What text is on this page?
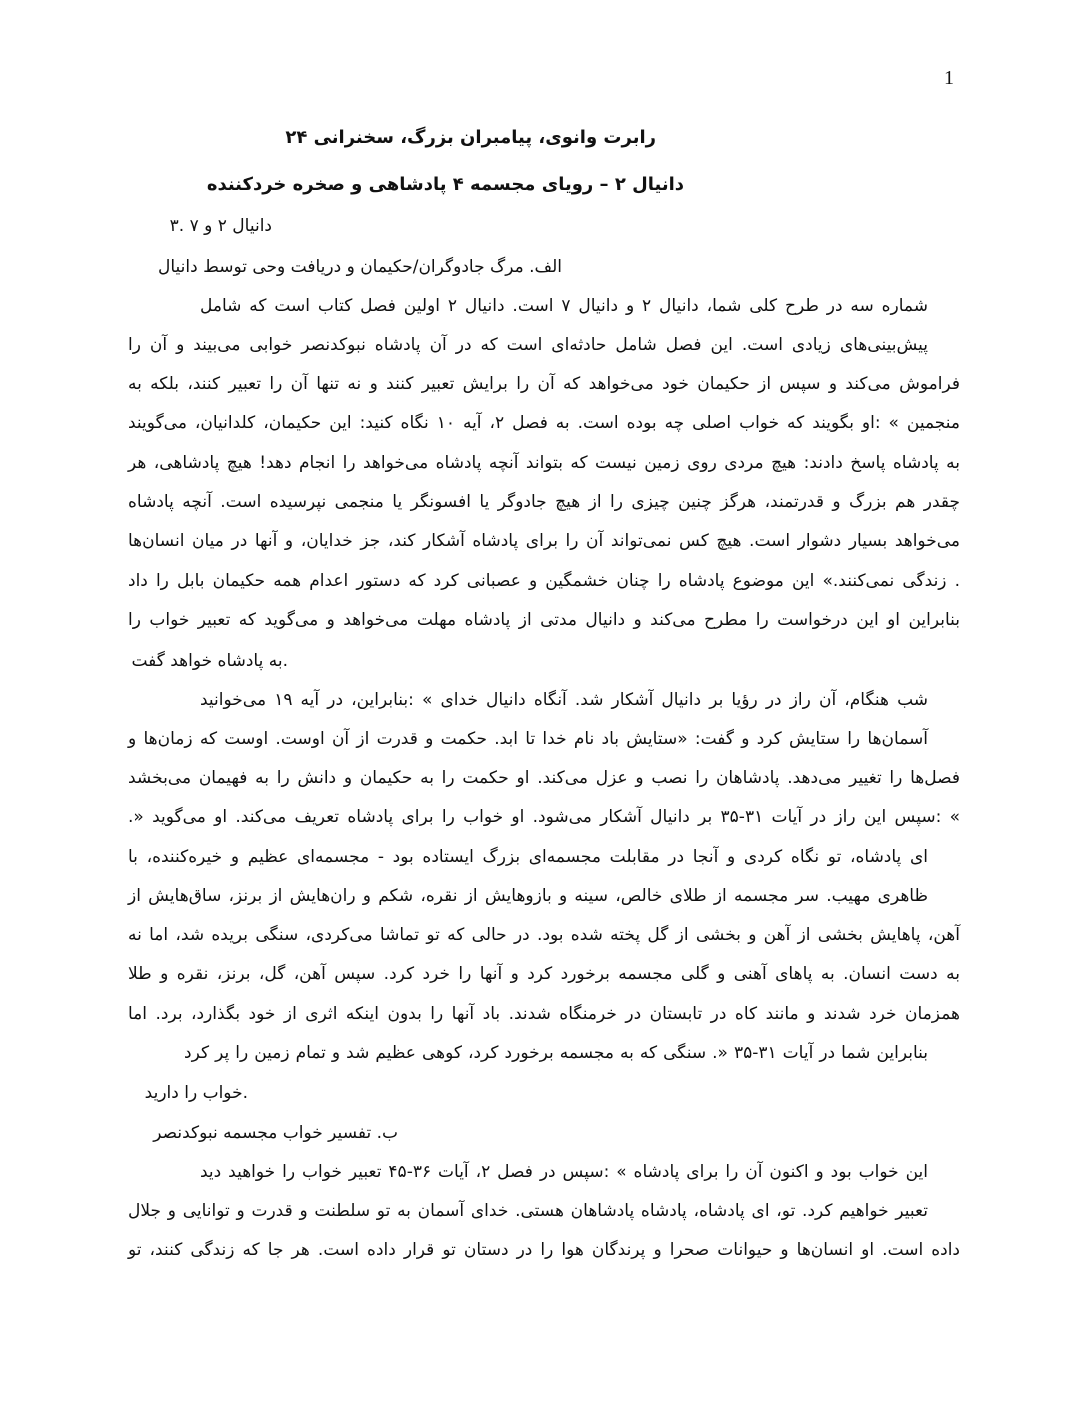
1
رابرت وانوی، پیامبران بزرگ، سخنرانی ۲۴
دانیال ۲ – رویای مجسمه ۴ پادشاهی و صخره خردکننده
دانیال ۲ و ۷ .۳
الف. مرگ جادوگران/حکیمان و دریافت وحی توسط دانیال
شماره سه در طرح کلی شما، دانیال ۲ و دانیال ۷ است. دانیال ۲ اولین فصل کتاب است که شامل
پیش‌بینی‌های زیادی است. این فصل شامل حادثه‌ای است که در آن پادشاه نبوکدنصر خوابی می‌بیند و آن را
فراموش می‌کند و سپس از حکیمان خود می‌خواهد که آن را برایش تعبیر کنند و نه تنها آن را تعبیر کنند، بلکه به
منجمین » :او بگویند که خواب اصلی چه بوده است. به فصل ۲، آیه ۱۰ نگاه کنید: این حکیمان، کلدانیان، می‌گویند
به پادشاه پاسخ دادند: هیچ مردی روی زمین نیست که بتواند آنچه پادشاه می‌خواهد را انجام دهد! هیچ پادشاهی، هر
چقدر هم بزرگ و قدرتمند، هرگز چنین چیزی را از هیچ جادوگر یا افسونگر یا منجمی نپرسیده است. آنچه پادشاه
می‌خواهد بسیار دشوار است. هیچ کس نمی‌تواند آن را برای پادشاه آشکار کند، جز خدایان، و آنها در میان انسان‌ها
. زندگی نمی‌کنند.» این موضوع پادشاه را چنان خشمگین و عصبانی کرد که دستور اعدام همه حکیمان بابل را داد
بنابراین او این درخواست را مطرح می‌کند و دانیال مدتی از پادشاه مهلت می‌خواهد و می‌گوید که تعبیر خواب را
.به پادشاه خواهد گفت
شب هنگام، آن راز در رؤیا بر دانیال آشکار شد. آنگاه دانیال خدای » :بنابراین، در آیه ۱۹ می‌خوانید
آسمان‌ها را ستایش کرد و گفت: «ستایش باد نام خدا تا ابد. حکمت و قدرت از آن اوست. اوست که زمان‌ها و
فصل‌ها را تغییر می‌دهد. پادشاهان را نصب و عزل می‌کند. او حکمت را به حکیمان و دانش را به فهیمان می‌بخشد
» :سپس این راز در آیات ۳۱-۳۵ بر دانیال آشکار می‌شود. او خواب را برای پادشاه تعریف می‌کند. او می‌گوید «.
ای پادشاه، تو نگاه کردی و آنجا در مقابلت مجسمه‌ای بزرگ ایستاده بود - مجسمه‌ای عظیم و خیره‌کننده، با
ظاهری مهیب. سر مجسمه از طلای خالص، سینه و بازوهایش از نقره، شکم و ران‌هایش از برنز، ساق‌هایش از
آهن، پاهایش بخشی از آهن و بخشی از گل پخته شده بود. در حالی که تو تماشا می‌کردی، سنگی بریده شد، اما نه
به دست انسان. به پاهای آهنی و گلی مجسمه برخورد کرد و آنها را خرد کرد. سپس آهن، گل، برنز، نقره و طلا
همزمان خرد شدند و مانند کاه در تابستان در خرمنگاه شدند. باد آنها را بدون اینکه اثری از خود بگذارد، برد. اما
بنابراین شما در آیات ۳۱-۳۵ «. سنگی که به مجسمه برخورد کرد، کوهی عظیم شد و تمام زمین را پر کرد
.خواب را دارید
ب. تفسیر خواب مجسمه نبوکدنصر
این خواب بود و اکنون آن را برای پادشاه » :سپس در فصل ۲، آیات ۳۶-۴۵ تعبیر خواب را خواهید دید
تعبیر خواهیم کرد. تو، ای پادشاه، پادشاه پادشاهان هستی. خدای آسمان به تو سلطنت و قدرت و توانایی و جلال
داده است. او انسان‌ها و حیوانات صحرا و پرندگان هوا را در دستان تو قرار داده است. هر جا که زندگی کنند، تو
